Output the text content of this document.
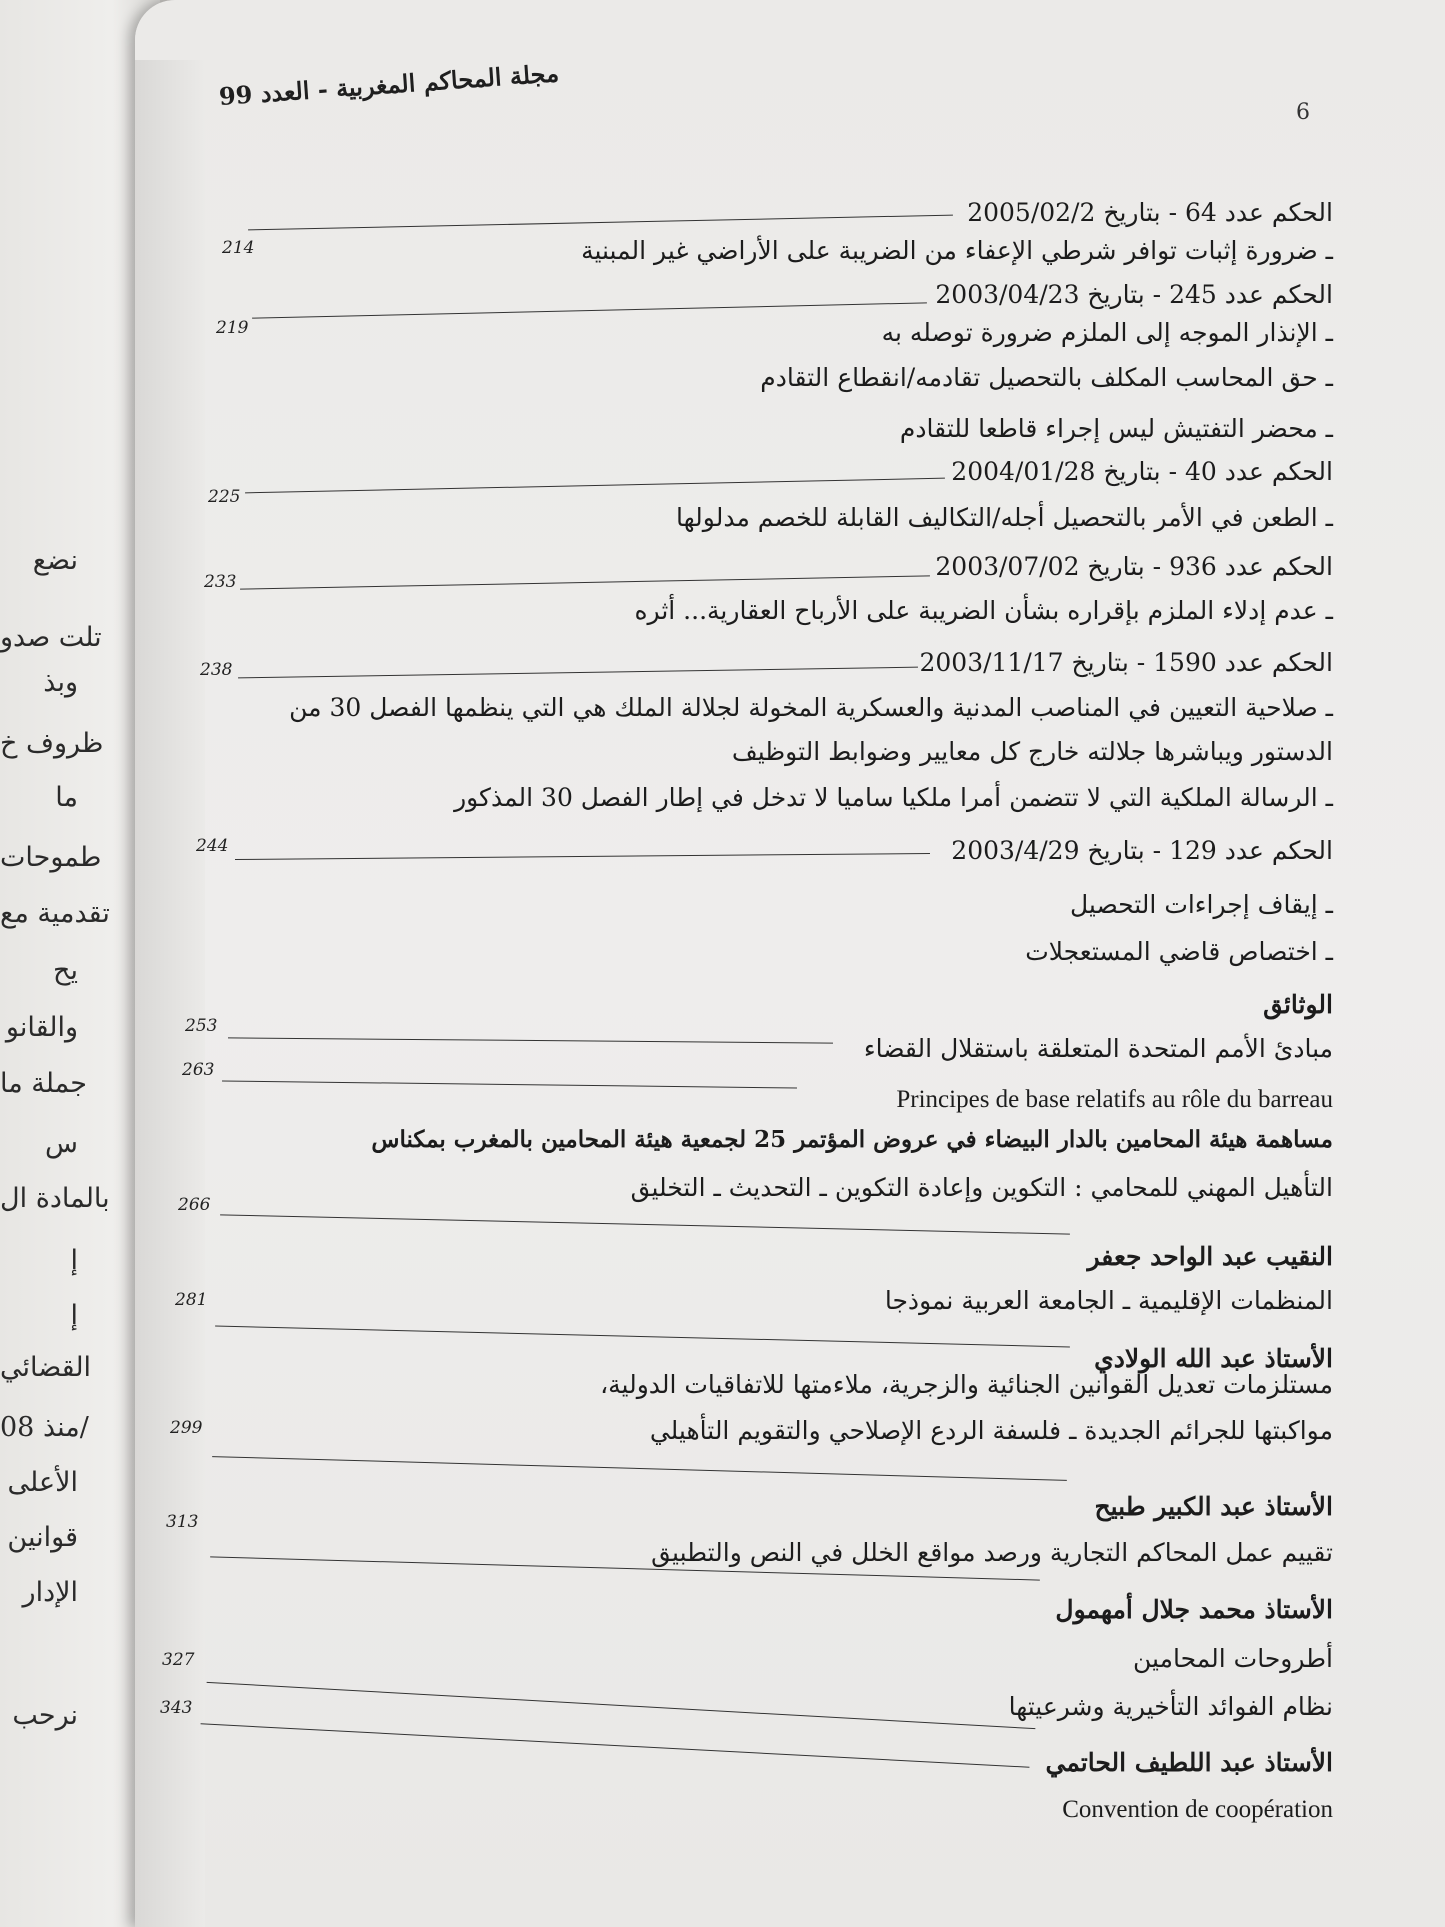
نضع
تلت صدو
وبذ
ظروف خ
ما
طموحات
تقدمية مع
يح
والقانو
جملة ما
س
بالمادة ال
إ
إ
القضائي
منذ 08/
الأعلى
قوانين
الإدار
نرحب
مجلة المحاكم المغربية - العدد 99
6
الحكم عدد 64 - بتاريخ 2005/02/2
ـ ضرورة إثبات توافر شرطي الإعفاء من الضريبة على الأراضي غير المبنية
214
الحكم عدد 245 - بتاريخ 2003/04/23
ـ الإنذار الموجه إلى الملزم ضرورة توصله به
219
ـ حق المحاسب المكلف بالتحصيل تقادمه/انقطاع التقادم
ـ محضر التفتيش ليس إجراء قاطعا للتقادم
الحكم عدد 40 - بتاريخ 2004/01/28
225
ـ الطعن في الأمر بالتحصيل أجله/التكاليف القابلة للخصم مدلولها
الحكم عدد 936 - بتاريخ 2003/07/02
233
ـ عدم إدلاء الملزم بإقراره بشأن الضريبة على الأرباح العقارية... أثره
الحكم عدد 1590 - بتاريخ 2003/11/17
238
ـ صلاحية التعيين في المناصب المدنية والعسكرية المخولة لجلالة الملك هي التي ينظمها الفصل 30 من
الدستور ويباشرها جلالته خارج كل معايير وضوابط التوظيف
ـ الرسالة الملكية التي لا تتضمن أمرا ملكيا ساميا لا تدخل في إطار الفصل 30 المذكور
الحكم عدد 129 - بتاريخ 2003/4/29
244
ـ إيقاف إجراءات التحصيل
ـ اختصاص قاضي المستعجلات
الوثائق
مبادئ الأمم المتحدة المتعلقة باستقلال القضاء
253
Principes de base relatifs au rôle du barreau
263
مساهمة هيئة المحامين بالدار البيضاء في عروض المؤتمر 25 لجمعية هيئة المحامين بالمغرب بمكناس
التأهيل المهني للمحامي : التكوين وإعادة التكوين ـ التحديث ـ التخليق
266
النقيب عبد الواحد جعفر
المنظمات الإقليمية ـ الجامعة العربية نموذجا
281
الأستاذ عبد الله الولادي
مستلزمات تعديل القوانين الجنائية والزجرية، ملاءمتها للاتفاقيات الدولية،
مواكبتها للجرائم الجديدة ـ فلسفة الردع الإصلاحي والتقويم التأهيلي
299
الأستاذ عبد الكبير طبيح
تقييم عمل المحاكم التجارية ورصد مواقع الخلل في النص والتطبيق
313
الأستاذ محمد جلال أمهمول
أطروحات المحامين
نظام الفوائد التأخيرية وشرعيتها
327
الأستاذ عبد اللطيف الحاتمي
343
Convention de coopération
